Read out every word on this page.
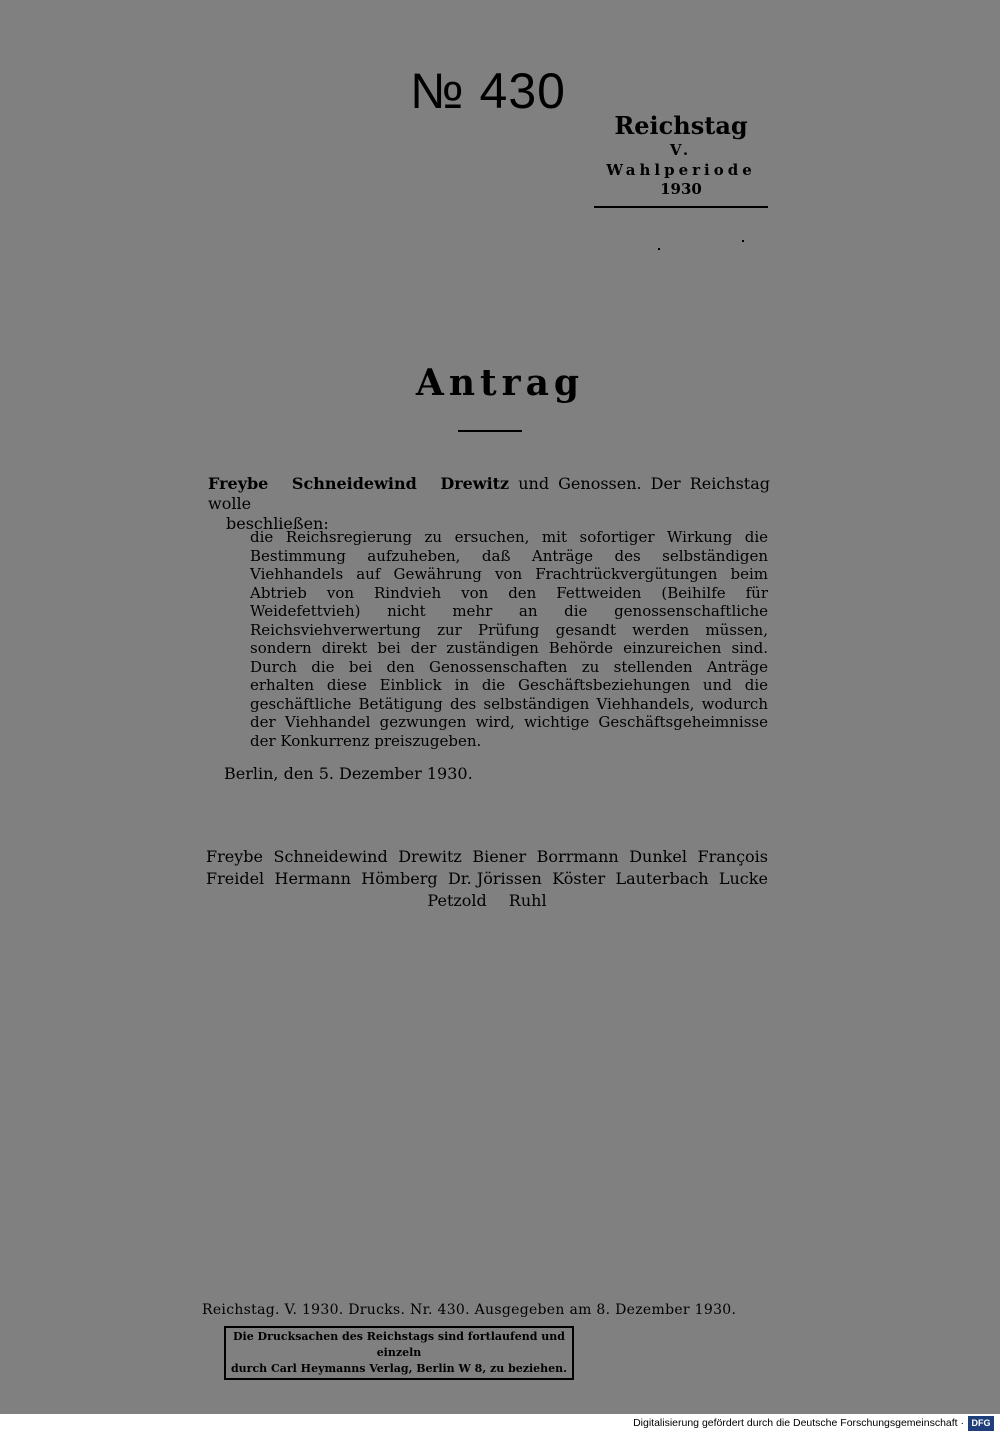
№ 430
Reichstag
V. Wahlperiode
1930
Antrag
Freybe Schneidewind Drewitz und Genossen. Der Reichstag wolle
beschließen:

die Reichsregierung zu ersuchen, mit sofortiger Wirkung die Bestimmung aufzuheben, daß Anträge des selbständigen Viehhandels auf Gewährung von Frachtrückvergütungen beim Abtrieb von Rindvieh von den Fettweiden (Beihilfe für Weidefettvieh) nicht mehr an die genossenschaftliche Reichsviehverwertung zur Prüfung gesandt werden müssen, sondern direkt bei der zuständigen Behörde einzureichen sind. Durch die bei den Genossenschaften zu stellenden Anträge erhalten diese Einblick in die Geschäftsbeziehungen und die geschäftliche Betätigung des selbständigen Viehhandels, wodurch der Viehhandel gezwungen wird, wichtige Geschäftsgeheimnisse der Konkurrenz preiszugeben.

Berlin, den 5. Dezember 1930.
Freybe Schneidewind Drewitz Biener Borrmann Dunkel François
Freidel Hermann Hömberg Dr. Jörissen Köster Lauterbach Lucke
Petzold Ruhl
Reichstag. V. 1930. Drucks. Nr. 430. Ausgegeben am 8. Dezember 1930.
Die Drucksachen des Reichstags sind fortlaufend und einzeln
durch Carl Heymanns Verlag, Berlin W 8, zu beziehen.
Digitalisierung gefördert durch die Deutsche Forschungsgemeinschaft · DFG
